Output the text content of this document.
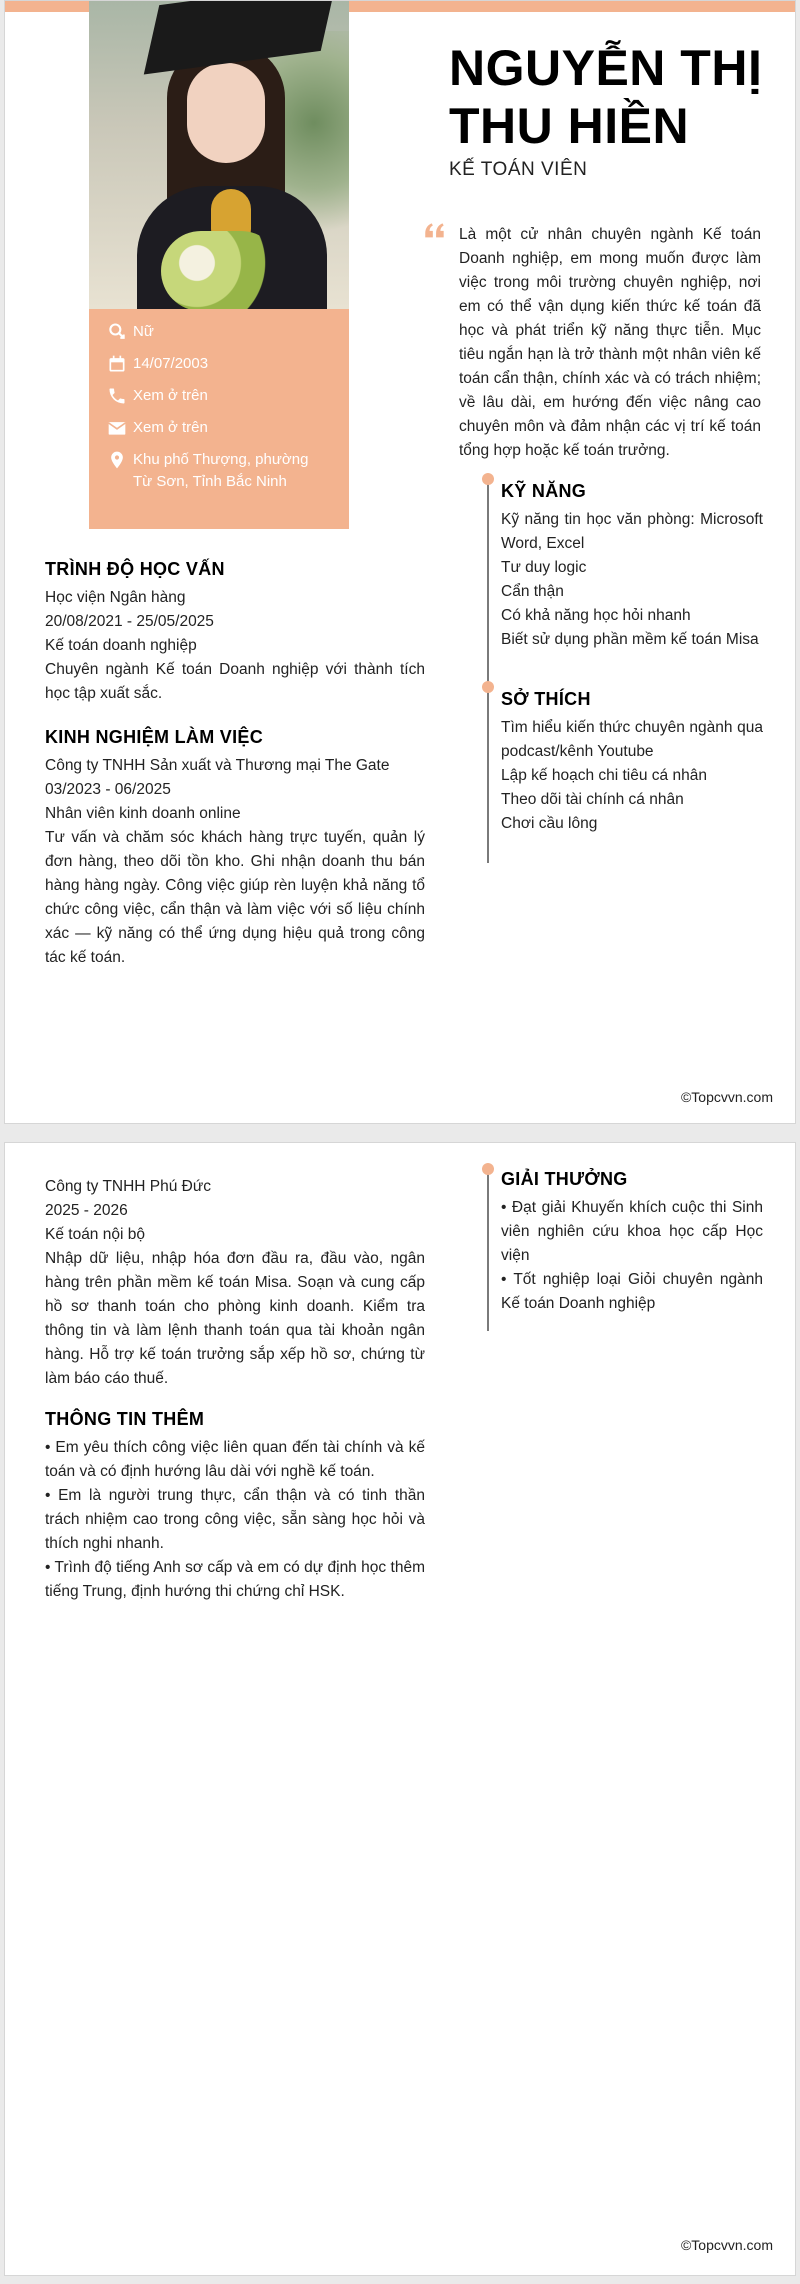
Nữ
14/07/2003
Xem ở trên
Xem ở trên
Khu phố Thượng, phường Từ Sơn, Tỉnh Bắc Ninh
NGUYỄN THỊ
THU HIỀN
KẾ TOÁN VIÊN
Là một cử nhân chuyên ngành Kế toán Doanh nghiệp, em mong muốn được làm việc trong môi trường chuyên nghiệp, nơi em có thể vận dụng kiến thức kế toán đã học và phát triển kỹ năng thực tiễn. Mục tiêu ngắn hạn là trở thành một nhân viên kế toán cẩn thận, chính xác và có trách nhiệm; về lâu dài, em hướng đến việc nâng cao chuyên môn và đảm nhận các vị trí kế toán tổng hợp hoặc kế toán trưởng.
KỸ NĂNG
Kỹ năng tin học văn phòng: Microsoft Word, Excel
Tư duy logic
Cẩn thận
Có khả năng học hỏi nhanh
Biết sử dụng phần mềm kế toán Misa
SỞ THÍCH
Tìm hiểu kiến thức chuyên ngành qua podcast/kênh Youtube
Lập kế hoạch chi tiêu cá nhân
Theo dõi tài chính cá nhân
Chơi cầu lông
TRÌNH ĐỘ HỌC VẤN
Học viện Ngân hàng
20/08/2021 - 25/05/2025
Kế toán doanh nghiệp
Chuyên ngành Kế toán Doanh nghiệp với thành tích học tập xuất sắc.
KINH NGHIỆM LÀM VIỆC
Công ty TNHH Sản xuất và Thương mại The Gate
03/2023 - 06/2025
Nhân viên kinh doanh online
Tư vấn và chăm sóc khách hàng trực tuyến, quản lý đơn hàng, theo dõi tồn kho. Ghi nhận doanh thu bán hàng hàng ngày. Công việc giúp rèn luyện khả năng tổ chức công việc, cẩn thận và làm việc với số liệu chính xác — kỹ năng có thể ứng dụng hiệu quả trong công tác kế toán.
©Topcvvn.com
Công ty TNHH Phú Đức
2025 - 2026
Kế toán nội bộ
Nhập dữ liệu, nhập hóa đơn đầu ra, đầu vào, ngân hàng trên phần mềm kế toán Misa. Soạn và cung cấp hồ sơ thanh toán cho phòng kinh doanh. Kiểm tra thông tin và làm lệnh thanh toán qua tài khoản ngân hàng. Hỗ trợ kế toán trưởng sắp xếp hồ sơ, chứng từ làm báo cáo thuế.
THÔNG TIN THÊM
• Em yêu thích công việc liên quan đến tài chính và kế toán và có định hướng lâu dài với nghề kế toán.
• Em là người trung thực, cẩn thận và có tinh thần trách nhiệm cao trong công việc, sẵn sàng học hỏi và thích nghi nhanh.
• Trình độ tiếng Anh sơ cấp và em có dự định học thêm tiếng Trung, định hướng thi chứng chỉ HSK.
GIẢI THƯỞNG
• Đạt giải Khuyến khích cuộc thi Sinh viên nghiên cứu khoa học cấp Học viện
• Tốt nghiệp loại Giỏi chuyên ngành Kế toán Doanh nghiệp
©Topcvvn.com
